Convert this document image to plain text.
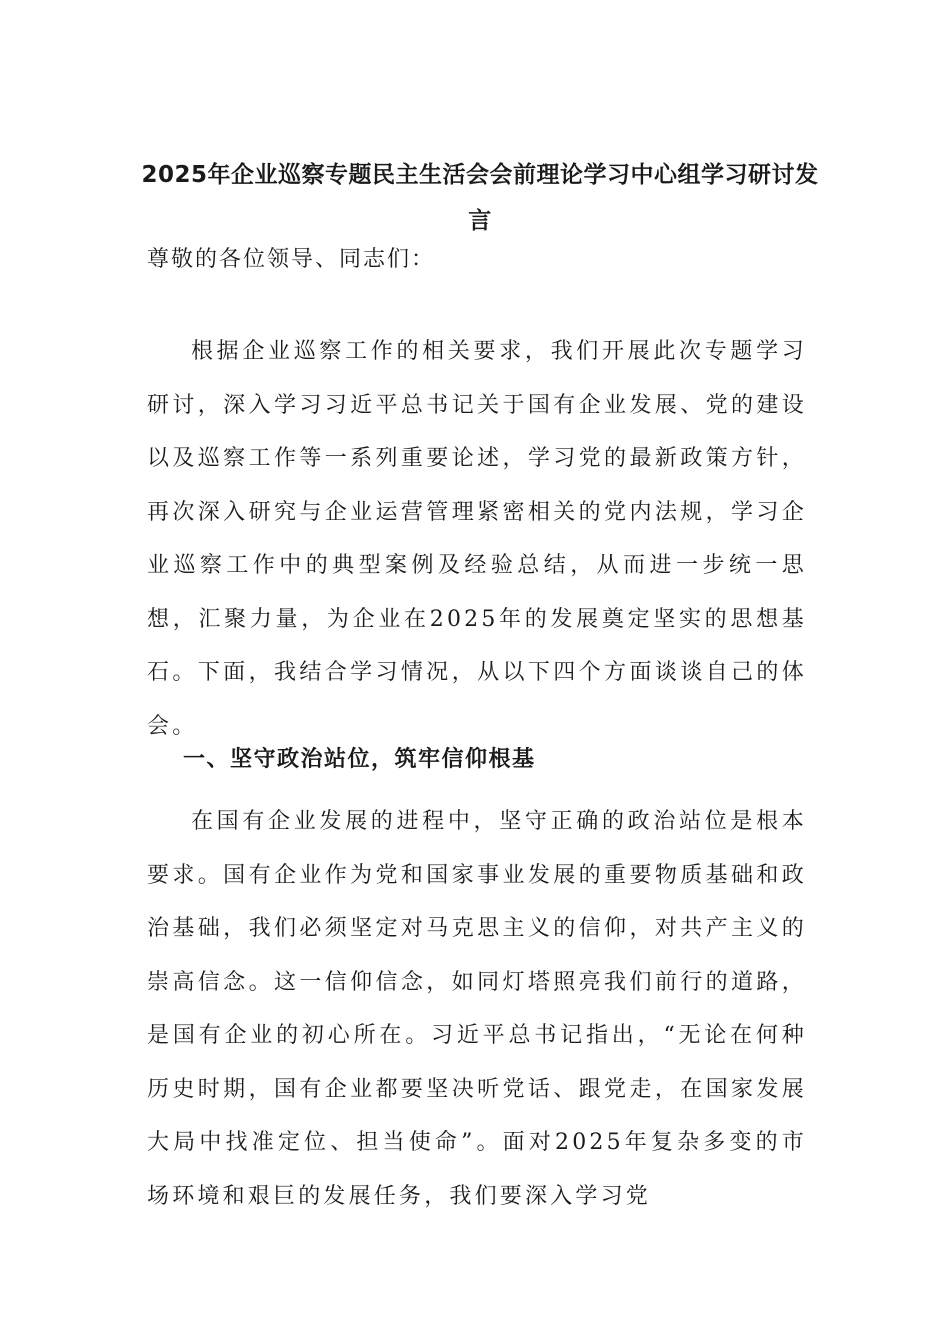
2025年企业巡察专题民主生活会会前理论学习中心组学习研讨发言

尊敬的各位领导、同志们：

根据企业巡察工作的相关要求，我们开展此次专题学习研讨，深入学习习近平总书记关于国有企业发展、党的建设以及巡察工作等一系列重要论述，学习党的最新政策方针，再次深入研究与企业运营管理紧密相关的党内法规，学习企业巡察工作中的典型案例及经验总结，从而进一步统一思想，汇聚力量，为企业在2025年的发展奠定坚实的思想基石。下面，我结合学习情况，从以下四个方面谈谈自己的体会。

一、坚守政治站位，筑牢信仰根基

在国有企业发展的进程中，坚守正确的政治站位是根本要求。国有企业作为党和国家事业发展的重要物质基础和政治基础，我们必须坚定对马克思主义的信仰，对共产主义的崇高信念。这一信仰信念，如同灯塔照亮我们前行的道路，是国有企业的初心所在。习近平总书记指出，“无论在何种历史时期，国有企业都要坚决听党话、跟党走，在国家发展大局中找准定位、担当使命”。面对2025年复杂多变的市场环境和艰巨的发展任务，我们要深入学习党
